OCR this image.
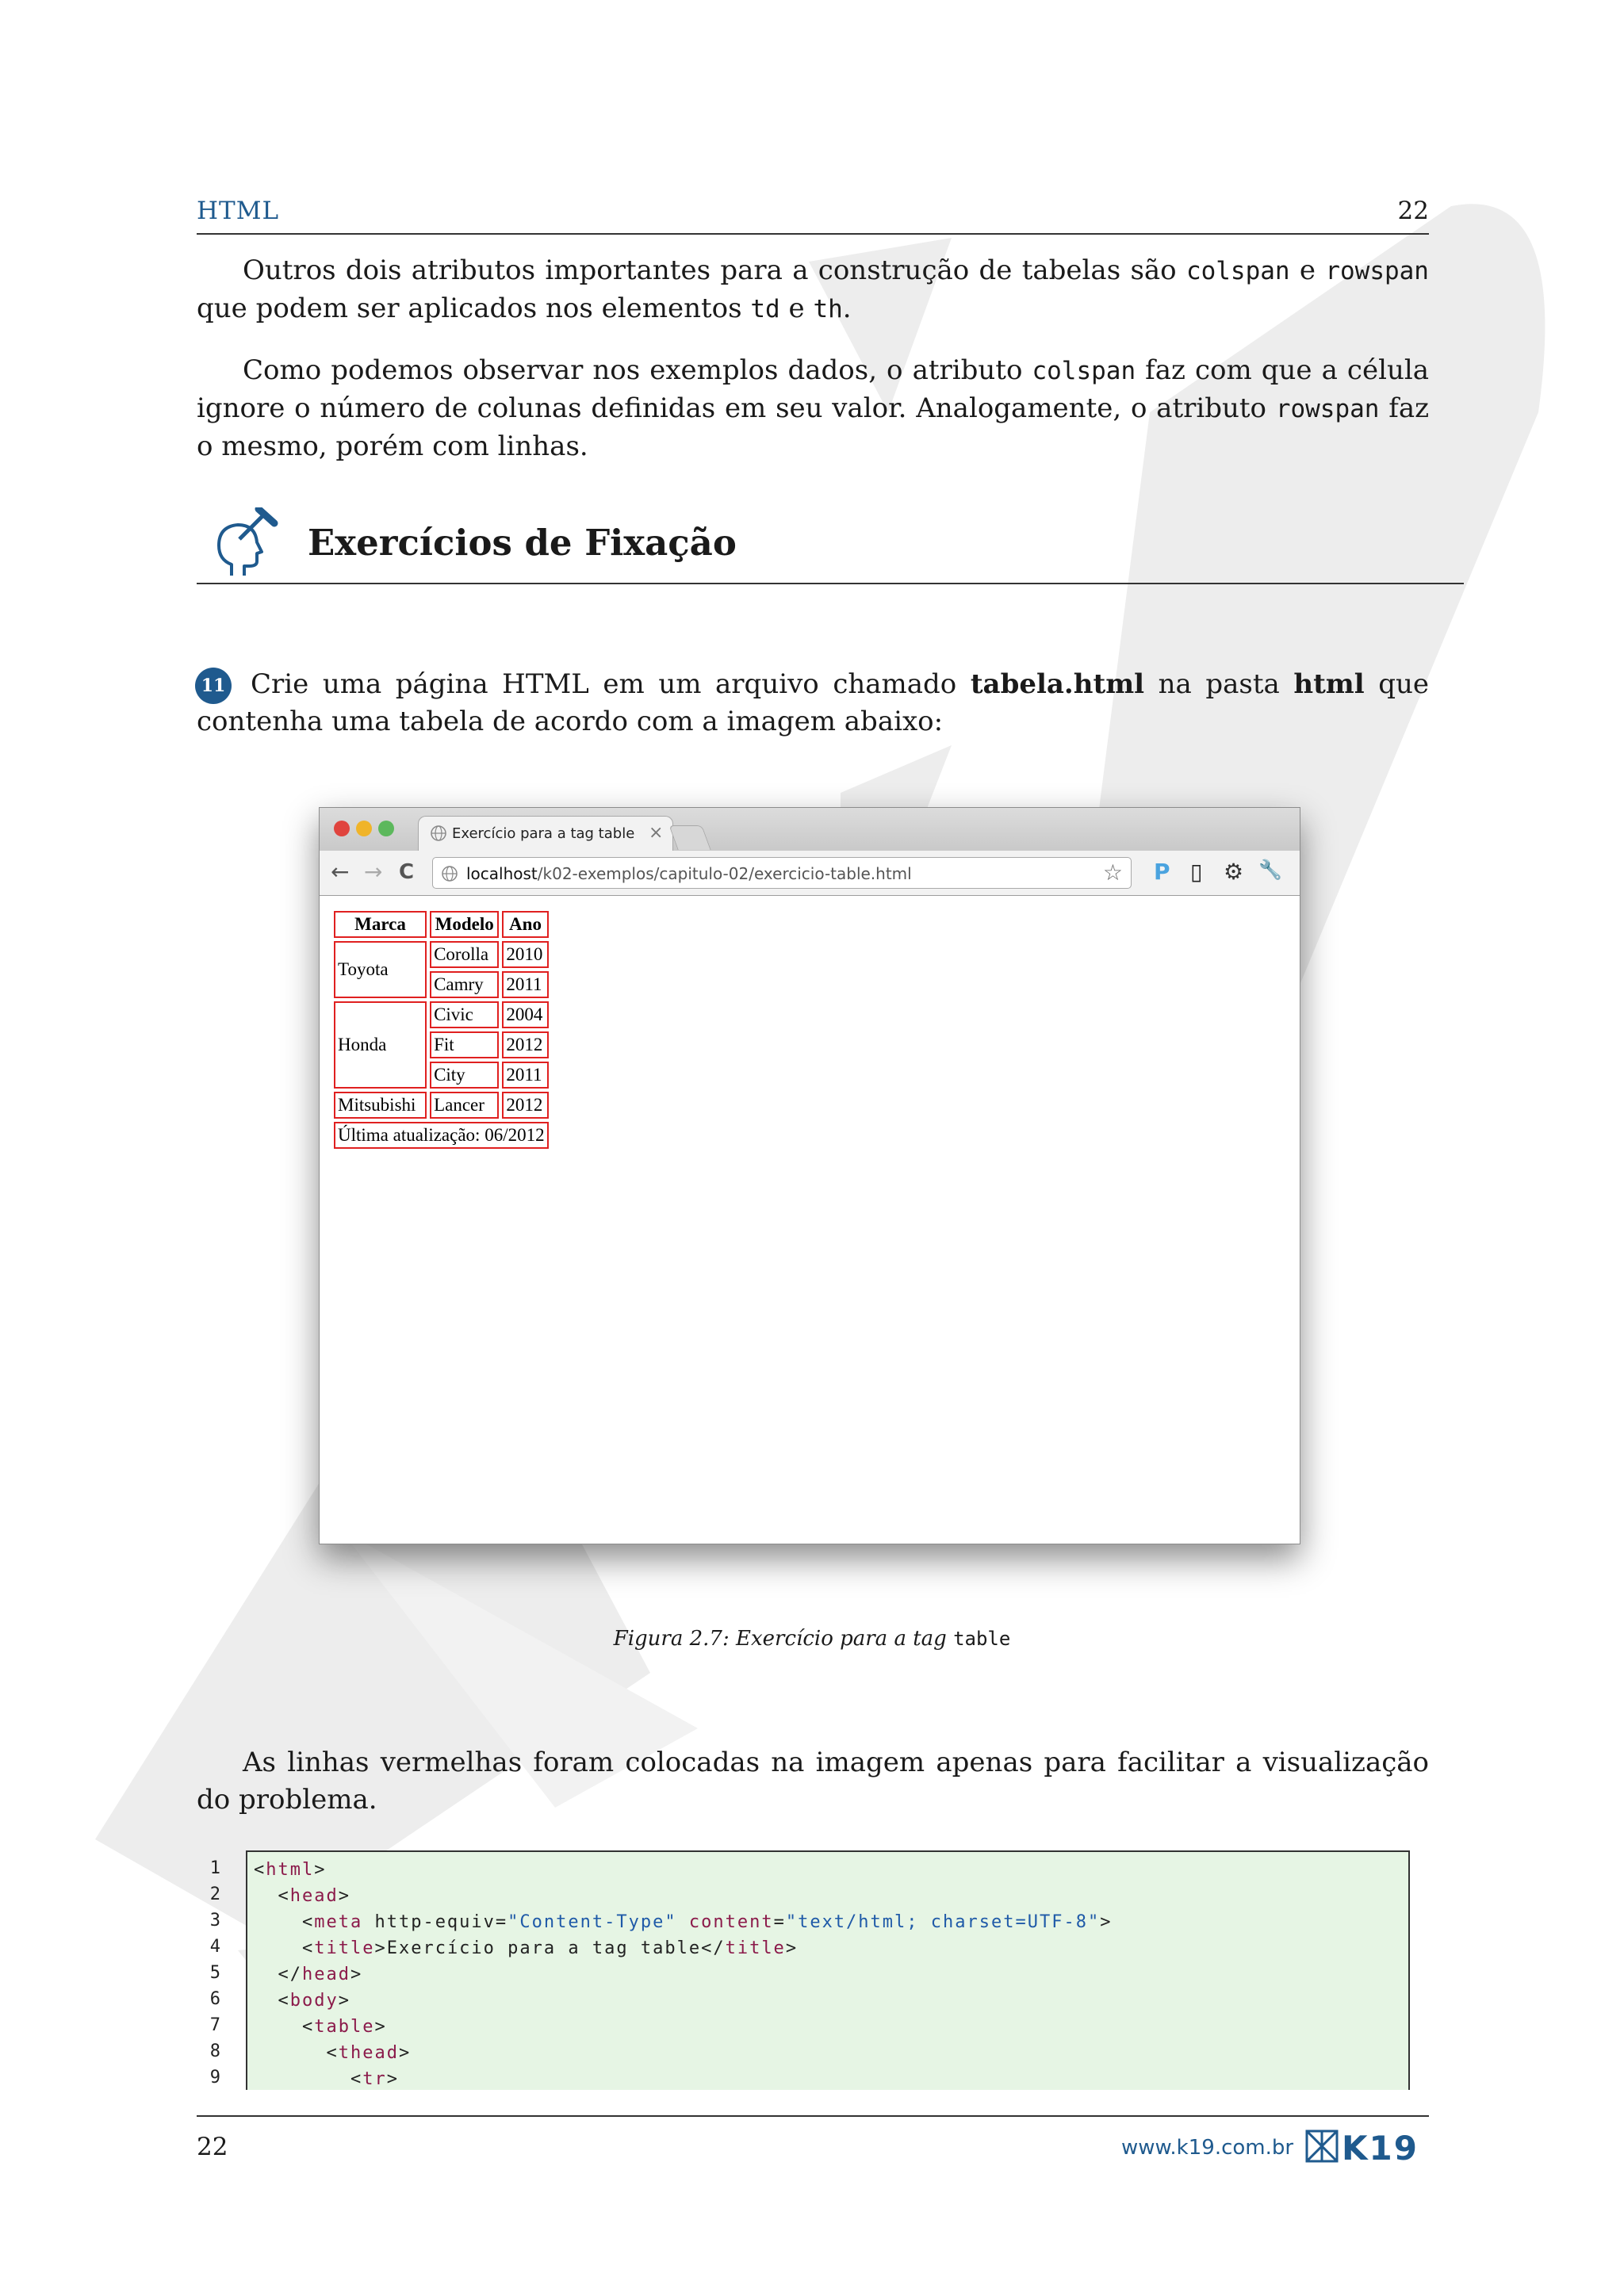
HTML	22

Outros dois atributos importantes para a construção de tabelas são colspan e rowspan que podem ser aplicados nos elementos td e th.

Como podemos observar nos exemplos dados, o atributo colspan faz com que a célula ignore o número de colunas definidas em seu valor. Analogamente, o atributo rowspan faz o mesmo, porém com linhas.

Exercícios de Fixação
11 Crie uma página HTML em um arquivo chamado tabela.html na pasta html que contenha uma tabela de acordo com a imagem abaixo:

Exercício para a tag table ×
← → C	localhost/k02-exemplos/capitulo-02/exercicio-table.html	☆ P ▯ ⚙ 🔧
Marca	Modelo	Ano
Toyota	Corolla	2010
	Camry	2011
Honda	Civic	2004
	Fit	2012
	City	2011
Mitsubishi	Lancer	2012
Última atualização: 06/2012		
Figura 2.7: Exercício para a tag table

As linhas vermelhas foram colocadas na imagem apenas para facilitar a visualização do problema.

1
2
3
4
5
6
7
8
9
<html>
<head>
<meta http-equiv="Content-Type" content="text/html; charset=UTF-8">
<title>Exercício para a tag table</title>
</head>
<body>
<table>
<thead>
<tr>
22	www.k19.com.br K19
